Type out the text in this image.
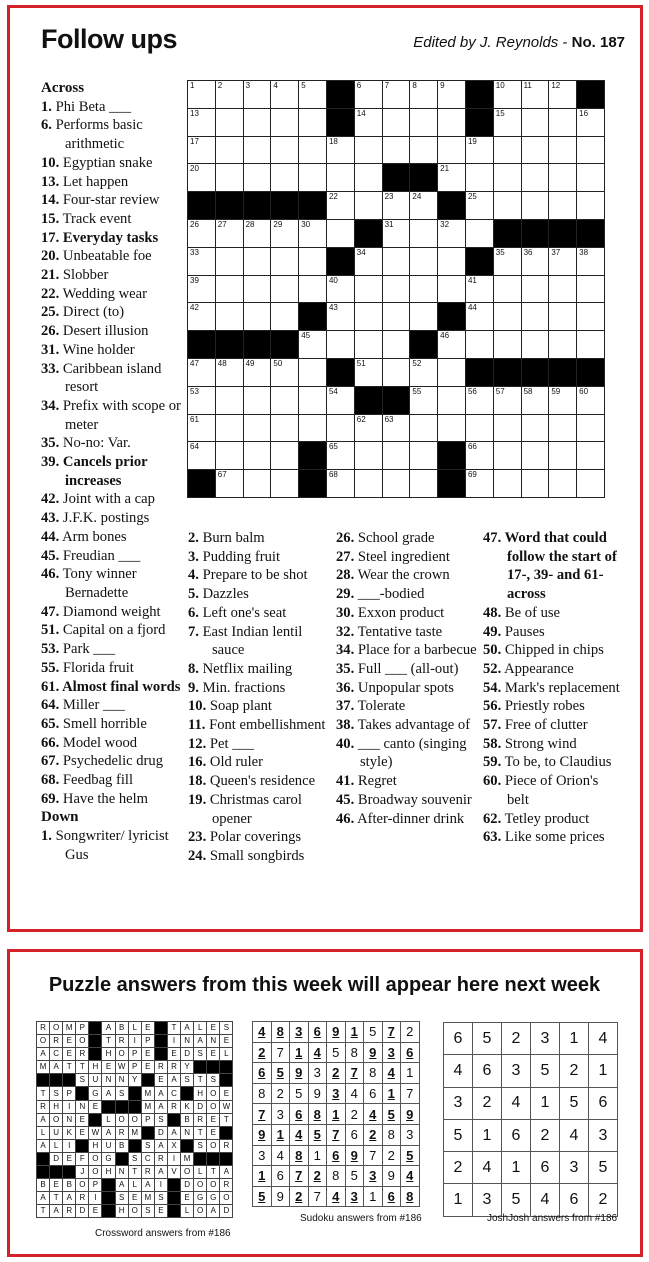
Follow ups	Edited by J. Reynolds - No. 187
Across
1. Phi Beta ___
6. Performs basic arithmetic
10. Egyptian snake
13. Let happen
14. Four-star review
15. Track event
17. Everyday tasks
20. Unbeatable foe
21. Slobber
22. Wedding wear
25. Direct (to)
26. Desert illusion
31. Wine holder
33. Caribbean island resort
34. Prefix with scope or meter
35. No-no: Var.
39. Cancels prior increases
42. Joint with a cap
43. J.F.K. postings
44. Arm bones
45. Freudian ___
46. Tony winner Bernadette
47. Diamond weight
51. Capital on a fjord
53. Park ___
55. Florida fruit
61. Almost final words
64. Miller ___
65. Smell horrible
66. Model wood
67. Psychedelic drug
68. Feedbag fill
69. Have the helm
Down
1. Songwriter/ lyricist Gus
1	2	3	4	5		6	7	8	9		10	11	12	

13						14					15			16

17					18					19				

20									21					

					22		23	24		25				

26	27	28	29	30			31		32					

33						34					35	36	37	38

39					40					41				

42					43					44				

				45					46					

47	48	49	50			51		52						

53					54			55		56	57	58	59	60

61						62	63							

64					65					66				

	67				68					69				

2. Burn balm
3. Pudding fruit
4. Prepare to be shot
5. Dazzles
6. Left one's seat
7. East Indian lentil sauce
8. Netflix mailing
9. Min. fractions
10. Soap plant
11. Font embellishment
12. Pet ___
16. Old ruler
18. Queen's residence
19. Christmas carol opener
23. Polar coverings
24. Small songbirds
26. School grade
27. Steel ingredient
28. Wear the crown
29. ___-bodied
30. Exxon product
32. Tentative taste
34. Place for a barbecue
35. Full ___ (all-out)
36. Unpopular spots
37. Tolerate
38. Takes advantage of
40. ___ canto (singing style)
41. Regret
45. Broadway souvenir
46. After-dinner drink
47. Word that could follow the start of 17-, 39- and 61-across
48. Be of use
49. Pauses
50. Chipped in chips
52. Appearance
54. Mark's replacement
56. Priestly robes
57. Free of clutter
58. Strong wind
59. To be, to Claudius
60. Piece of Orion's belt
62. Tetley product
63. Like some prices
Puzzle answers from this week will appear here next week
R	O	M	P		A	B	L	E		T	A	L	E	S
O	R	E	O		T	R	I	P		I	N	A	N	E
A	C	E	R		H	O	P	E		E	D	S	E	L
M	A	T	T	H	E	W	P	E	R	R	Y			
			S	U	N	N	Y		E	A	S	T	S	
T	S	P		G	A	S		M	A	C		H	O	E
R	H	I	N	E				M	A	R	K	D	O	W
A	O	N	E		L	O	O	P	S		B	R	E	T
L	U	K	E	W	A	R	M		D	A	N	T	E	
A	L	I		H	U	B		S	A	X		S	O	R
	D	E	F	O	G		S	C	R	I	M			
			J	O	H	N	T	R	A	V	O	L	T	A
B	E	B	O	P		A	L	A	I		D	O	O	R
A	T	A	R	I		S	E	M	S		E	G	G	O
T	A	R	D	E		H	O	S	E		L	O	A	D
4	8	3	6	9	1	5	7	2
2	7	1	4	5	8	9	3	6
6	5	9	3	2	7	8	4	1
8	2	5	9	3	4	6	1	7
7	3	6	8	1	2	4	5	9
9	1	4	5	7	6	2	8	3
3	4	8	1	6	9	7	2	5
1	6	7	2	8	5	3	9	4
5	9	2	7	4	3	1	6	8
6	5	2	3	1	4
4	6	3	5	2	1
3	2	4	1	5	6
5	1	6	2	4	3
2	4	1	6	3	5
1	3	5	4	6	2
Crossword answers from #186
Sudoku answers from #186	JoshJosh answers from #186
